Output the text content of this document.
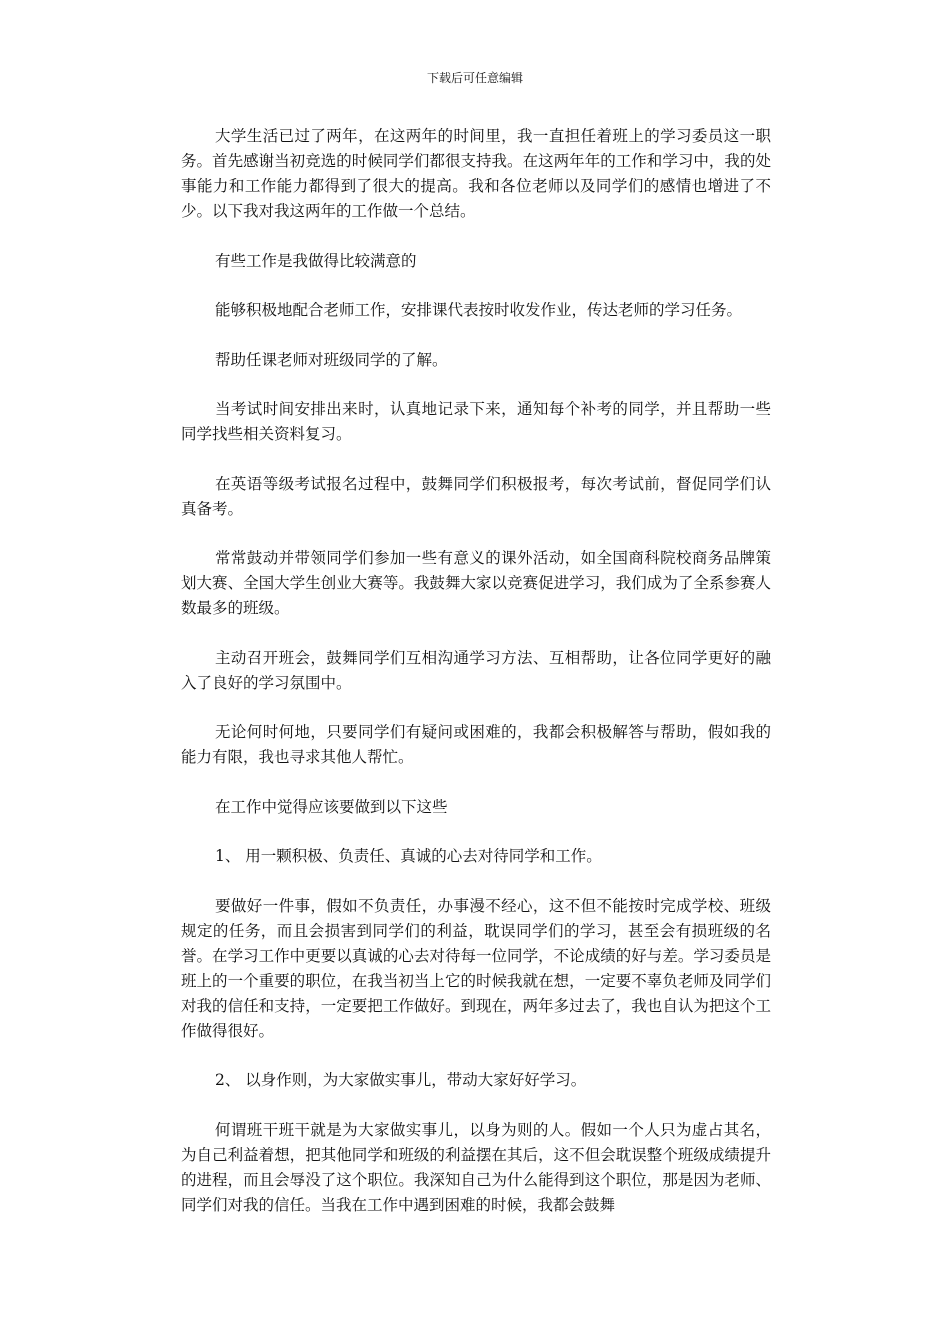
下载后可任意编辑

大学生活已过了两年，在这两年的时间里，我一直担任着班上的学习委员这一职务。首先感谢当初竞选的时候同学们都很支持我。在这两年年的工作和学习中，我的处事能力和工作能力都得到了很大的提高。我和各位老师以及同学们的感情也增进了不少。以下我对我这两年的工作做一个总结。

有些工作是我做得比较满意的

能够积极地配合老师工作，安排课代表按时收发作业，传达老师的学习任务。

帮助任课老师对班级同学的了解。

当考试时间安排出来时，认真地记录下来，通知每个补考的同学，并且帮助一些同学找些相关资料复习。

在英语等级考试报名过程中，鼓舞同学们积极报考，每次考试前，督促同学们认真备考。

常常鼓动并带领同学们参加一些有意义的课外活动，如全国商科院校商务品牌策划大赛、全国大学生创业大赛等。我鼓舞大家以竞赛促进学习，我们成为了全系参赛人数最多的班级。

主动召开班会，鼓舞同学们互相沟通学习方法、互相帮助，让各位同学更好的融入了良好的学习氛围中。

无论何时何地，只要同学们有疑问或困难的，我都会积极解答与帮助，假如我的能力有限，我也寻求其他人帮忙。

在工作中觉得应该要做到以下这些

1、 用一颗积极、负责任、真诚的心去对待同学和工作。

要做好一件事，假如不负责任，办事漫不经心，这不但不能按时完成学校、班级规定的任务，而且会损害到同学们的利益，耽误同学们的学习，甚至会有损班级的名誉。在学习工作中更要以真诚的心去对待每一位同学，不论成绩的好与差。学习委员是班上的一个重要的职位，在我当初当上它的时候我就在想，一定要不辜负老师及同学们对我的信任和支持，一定要把工作做好。到现在，两年多过去了，我也自认为把这个工作做得很好。

2、 以身作则，为大家做实事儿，带动大家好好学习。

何谓班干班干就是为大家做实事儿，以身为则的人。假如一个人只为虚占其名，为自己利益着想，把其他同学和班级的利益摆在其后，这不但会耽误整个班级成绩提升的进程，而且会辱没了这个职位。我深知自己为什么能得到这个职位，那是因为老师、同学们对我的信任。当我在工作中遇到困难的时候，我都会鼓舞
